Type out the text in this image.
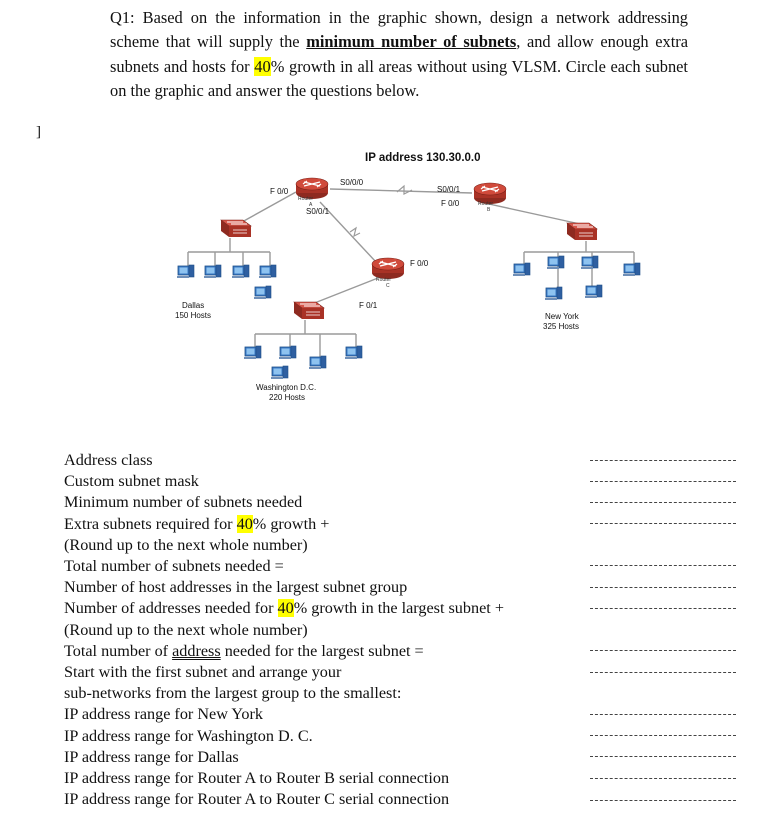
Q1: Based on the information in the graphic shown, design a network addressing scheme that will supply the minimum number of subnets, and allow enough extra subnets and hosts for 40% growth in all areas without using VLSM. Circle each subnet on the graphic and answer the questions below.
]
IP address 130.30.0.0
Router
A	Router
B
Router
C
F 0/0
S0/0/0
S0/0/1
S0/0/1
F 0/0
F 0/0
F 0/1
Dallas
150 Hosts	New York
325 Hosts
Washington D.C.
220 Hosts
Address class
Custom subnet mask
Minimum number of subnets needed
Extra subnets required for 40% growth +
(Round up to the next whole number)
Total number of subnets needed =
Number of host addresses in the largest subnet group
Number of addresses needed for 40% growth in the largest subnet +
(Round up to the next whole number)
Total number of address needed for the largest subnet =
Start with the first subnet and arrange your
sub-networks from the largest group to the smallest:
IP address range for New York
IP address range for Washington D. C.
IP address range for Dallas
IP address range for Router A to Router B serial connection
IP address range for Router A to Router C serial connection
